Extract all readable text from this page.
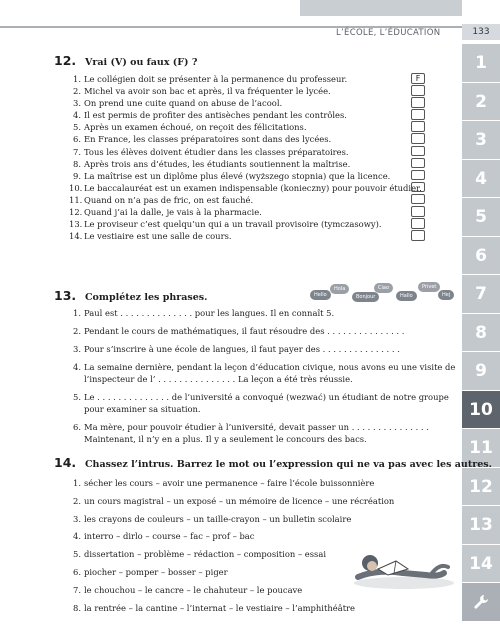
L’ÉCOLE, L’ÉDUCATION	133
1
2
3
4
5
6
7
8
9
10
11
12
13
14
12. Vrai (V) ou faux (F) ?
1. Le collégien doit se présenter à la permanence du professeur.
2. Michel va avoir son bac et après, il va fréquenter le lycée.
3. On prend une cuite quand on abuse de l’acool.
4. Il est permis de profiter des antisèches pendant les contrôles.
5. Après un examen échoué, on reçoit des félicitations.
6. En France, les classes préparatoires sont dans des lycées.
7. Tous les élèves doivent étudier dans les classes préparatoires.
8. Après trois ans d’études, les étudiants soutiennent la maîtrise.
9. La maîtrise est un diplôme plus élevé (wyższego stopnia) que la licence.
10. Le baccalauréat est un examen indispensable (konieczny) pour pouvoir étudier.
11. Quand on n’a pas de fric, on est fauché.
12. Quand j’ai la dalle, je vais à la pharmacie.
13. Le proviseur c’est quelqu’un qui a un travail provisoire (tymczasowy).
14. Le vestiaire est une salle de cours.
F
13. Complétez les phrases.	Hello
Hola
Bonjour
Ciao
Hallo
Privet
Hej
1. Paul est . . . . . . . . . . . . . . pour les langues. Il en connaît 5.
2. Pendant le cours de mathématiques, il faut résoudre des . . . . . . . . . . . . . . .
3. Pour s’inscrire à une école de langues, il faut payer des . . . . . . . . . . . . . . .
4. La semaine dernière, pendant la leçon d’éducation civique, nous avons eu une visite de l’inspecteur de l’ . . . . . . . . . . . . . . . La leçon a été très réussie.
5. Le . . . . . . . . . . . . . . de l’université a convoqué (wezwać) un étudiant de notre groupe pour examiner sa situation.
6. Ma mère, pour pouvoir étudier à l’université, devait passer un . . . . . . . . . . . . . . . Maintenant, il n’y en a plus. Il y a seulement le concours des bacs.
14. Chassez l’intrus. Barrez le mot ou l’expression qui ne va pas avec les autres.
1. sécher les cours – avoir une permanence – faire l’école buissonnière
2. un cours magistral – un exposé – un mémoire de licence – une récréation
3. les crayons de couleurs – un taille-crayon – un bulletin scolaire
4. interro – dirlo – course – fac – prof – bac
5. dissertation – problème – rédaction – composition – essai
6. piocher – pomper – bosser – piger
7. le chouchou – le cancre – le chahuteur – le poucave
8. la rentrée – la cantine – l’internat – le vestiaire – l’amphithéâtre
